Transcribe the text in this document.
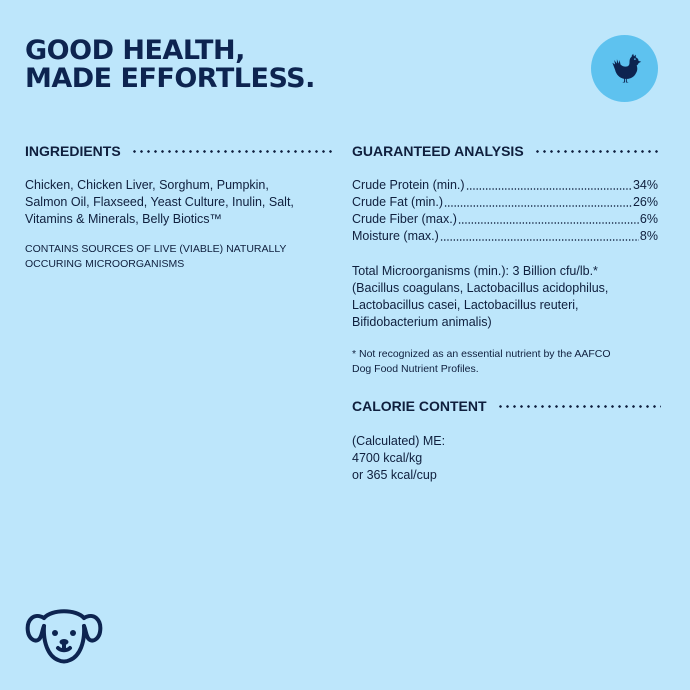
GOOD HEALTH,
MADE EFFORTLESS.
INGREDIENTS
Chicken, Chicken Liver, Sorghum, Pumpkin,
Salmon Oil, Flaxseed, Yeast Culture, Inulin, Salt,
Vitamins & Minerals, Belly Biotics™
CONTAINS SOURCES OF LIVE (VIABLE) NATURALLY
OCCURING MICROORGANISMS
GUARANTEED ANALYSIS
Crude Protein (min.)	34%
Crude Fat (min.)	26%
Crude Fiber (max.)	6%
Moisture (max.)	8%
Total Microorganisms (min.): 3 Billion cfu/lb.*
(Bacillus coagulans, Lactobacillus acidophilus,
Lactobacillus casei, Lactobacillus reuteri,
Bifidobacterium animalis)
* Not recognized as an essential nutrient by the AAFCO
Dog Food Nutrient Profiles.
CALORIE CONTENT
(Calculated) ME:
4700 kcal/kg
or 365 kcal/cup
